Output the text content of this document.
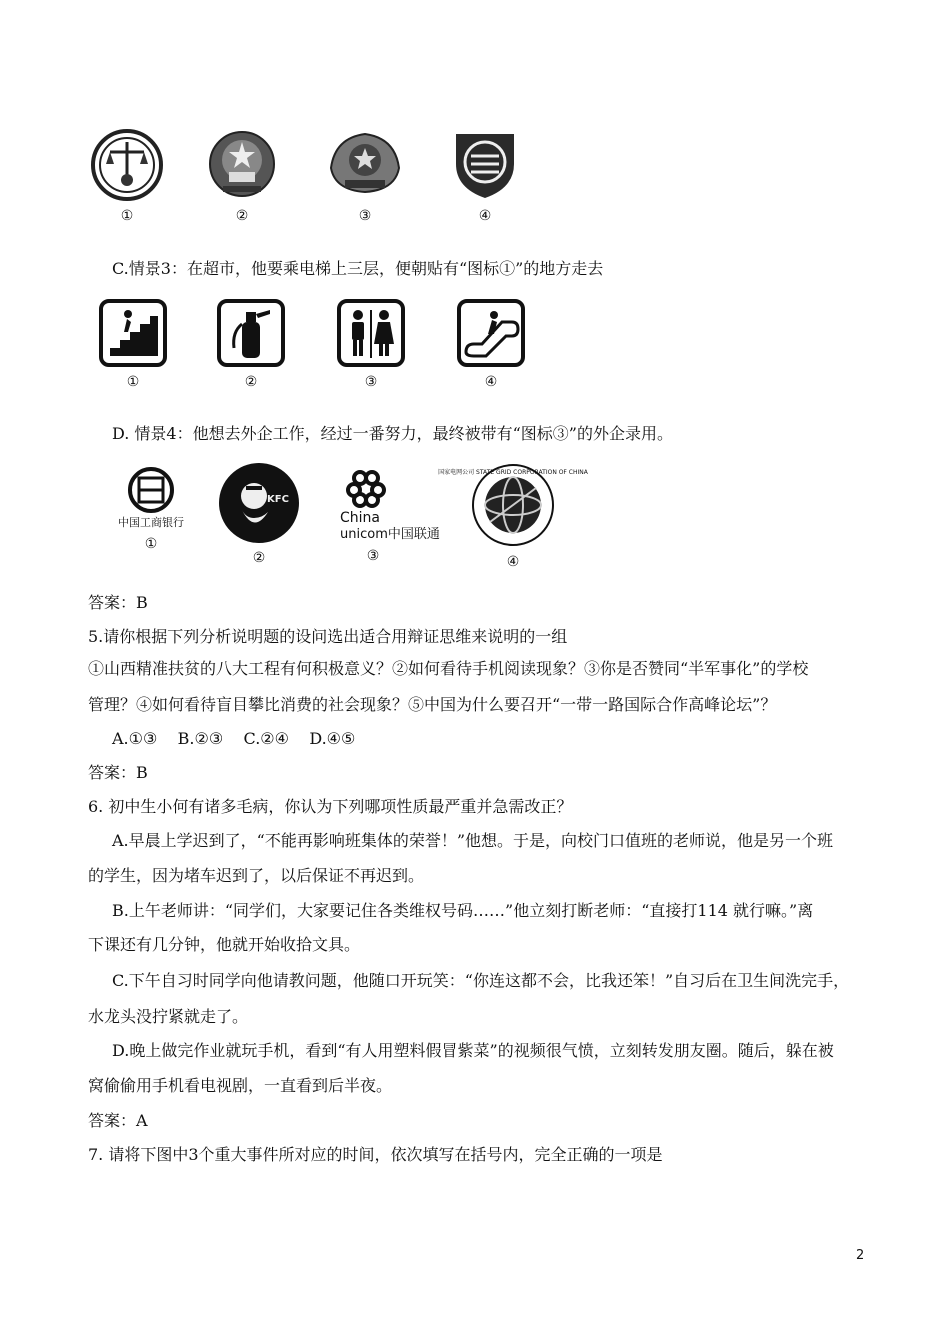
①	②	③	④
C.情景3：在超市，他要乘电梯上三层，便朝贴有“图标①”的地方走去
①	②	③	④
D. 情景4：他想去外企工作，经过一番努力，最终被带有“图标③”的外企录用。
中国工商银行
①
KFC
②
China
unicom中国联通
③
国家电网公司 STATE GRID CORPORATION OF CHINA
④
答案：B
5.请你根据下列分析说明题的设问选出适合用辩证思维来说明的一组
①山西精准扶贫的八大工程有何积极意义？②如何看待手机阅读现象？③你是否赞同“半军事化”的学校
管理？④如何看待盲目攀比消费的社会现象？⑤中国为什么要召开“一带一路国际合作高峰论坛”？
A.①③    B.②③    C.②④    D.④⑤
答案：B
6. 初中生小何有诸多毛病，你认为下列哪项性质最严重并急需改正？
A.早晨上学迟到了，“不能再影响班集体的荣誉！”他想。于是，向校门口值班的老师说，他是另一个班
的学生，因为堵车迟到了，以后保证不再迟到。
B.上午老师讲：“同学们，大家要记住各类维权号码……”他立刻打断老师：“直接打114 就行嘛。”离
下课还有几分钟，他就开始收拾文具。
C.下午自习时同学向他请教问题，他随口开玩笑：“你连这都不会，比我还笨！”自习后在卫生间洗完手，
水龙头没拧紧就走了。
D.晚上做完作业就玩手机，看到“有人用塑料假冒紫菜”的视频很气愤，立刻转发朋友圈。随后，躲在被
窝偷偷用手机看电视剧，一直看到后半夜。
答案：A
7. 请将下图中3个重大事件所对应的时间，依次填写在括号内，完全正确的一项是
2
